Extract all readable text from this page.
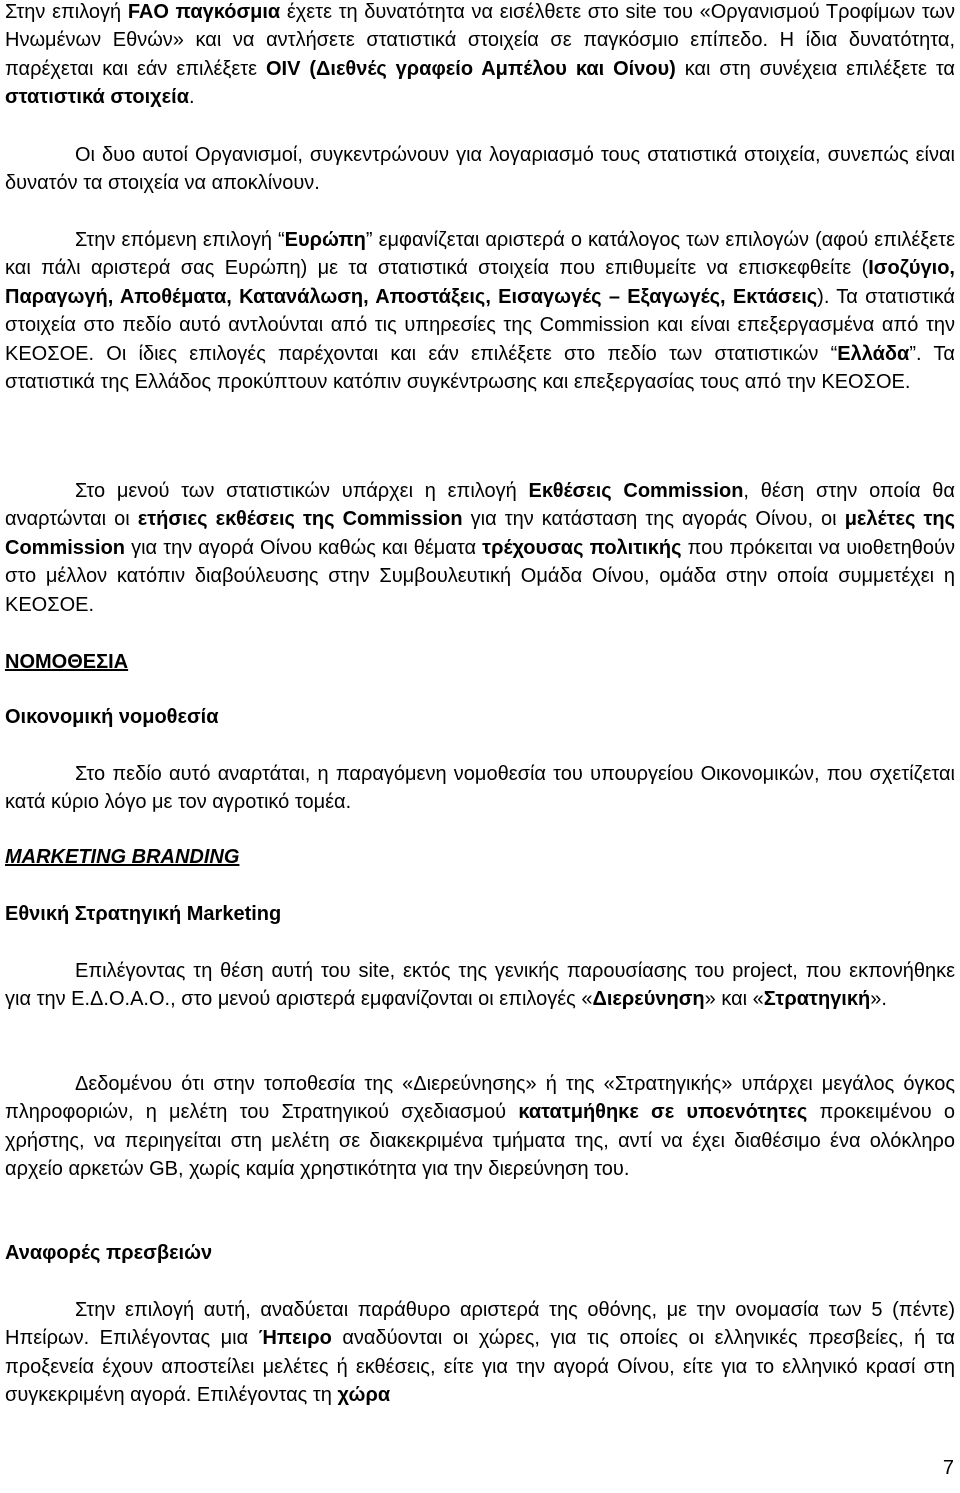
Στην επιλογή FAO παγκόσμια έχετε τη δυνατότητα να εισέλθετε στο site του «Οργανισμού Τροφίμων των Ηνωμένων Εθνών» και να αντλήσετε στατιστικά στοιχεία σε παγκόσμιο επίπεδο. Η ίδια δυνατότητα, παρέχεται και εάν επιλέξετε OIV (Διεθνές γραφείο Αμπέλου και Οίνου) και στη συνέχεια επιλέξετε τα στατιστικά στοιχεία.

Οι δυο αυτοί Οργανισμοί, συγκεντρώνουν για λογαριασμό τους στατιστικά στοιχεία, συνεπώς είναι δυνατόν τα στοιχεία να αποκλίνουν.

Στην επόμενη επιλογή “Ευρώπη” εμφανίζεται αριστερά ο κατάλογος των επιλογών (αφού επιλέξετε και πάλι αριστερά σας Ευρώπη) με τα στατιστικά στοιχεία που επιθυμείτε να επισκεφθείτε (Ισοζύγιο, Παραγωγή, Αποθέματα, Κατανάλωση, Αποστάξεις, Εισαγωγές – Εξαγωγές, Εκτάσεις). Τα στατιστικά στοιχεία στο πεδίο αυτό αντλούνται από τις υπηρεσίες της Commission και είναι επεξεργασμένα από την ΚΕΟΣΟΕ. Οι ίδιες επιλογές παρέχονται και εάν επιλέξετε στο πεδίο των στατιστικών “Ελλάδα”. Τα στατιστικά της Ελλάδος προκύπτουν κατόπιν συγκέντρωσης και επεξεργασίας τους από την ΚΕΟΣΟΕ.

Στο μενού των στατιστικών υπάρχει η επιλογή Εκθέσεις Commission, θέση στην οποία θα αναρτώνται οι ετήσιες εκθέσεις της Commission για την κατάσταση της αγοράς Οίνου, οι μελέτες της Commission για την αγορά Οίνου καθώς και θέματα τρέχουσας πολιτικής που πρόκειται να υιοθετηθούν στο μέλλον κατόπιν διαβούλευσης στην Συμβουλευτική Ομάδα Οίνου, ομάδα στην οποία συμμετέχει η ΚΕΟΣΟΕ.

ΝΟΜΟΘΕΣΙΑ
Οικονομική νομοθεσία

Στο πεδίο αυτό αναρτάται, η παραγόμενη νομοθεσία του υπουργείου Οικονομικών, που σχετίζεται κατά κύριο λόγο με τον αγροτικό τομέα.

MARKETING BRANDING
Εθνική Στρατηγική Marketing

Επιλέγοντας τη θέση αυτή του site, εκτός της γενικής παρουσίασης του project, που εκπονήθηκε για την Ε.Δ.Ο.Α.Ο., στο μενού αριστερά εμφανίζονται οι επιλογές «Διερεύνηση» και «Στρατηγική».

Δεδομένου ότι στην τοποθεσία της «Διερεύνησης» ή της «Στρατηγικής» υπάρχει μεγάλος όγκος πληροφοριών, η μελέτη του Στρατηγικού σχεδιασμού κατατμήθηκε σε υποενότητες προκειμένου ο χρήστης, να περιηγείται στη μελέτη σε διακεκριμένα τμήματα της, αντί να έχει διαθέσιμο ένα ολόκληρο αρχείο αρκετών GB, χωρίς καμία χρηστικότητα για την διερεύνηση του.

Αναφορές πρεσβειών

Στην επιλογή αυτή, αναδύεται παράθυρο αριστερά της οθόνης, με την ονομασία των 5 (πέντε) Ηπείρων. Επιλέγοντας μια Ήπειρο αναδύονται οι χώρες, για τις οποίες οι ελληνικές πρεσβείες, ή τα προξενεία έχουν αποστείλει μελέτες ή εκθέσεις, είτε για την αγορά Οίνου, είτε για το ελληνικό κρασί στη συγκεκριμένη αγορά. Επιλέγοντας τη χώρα

7
